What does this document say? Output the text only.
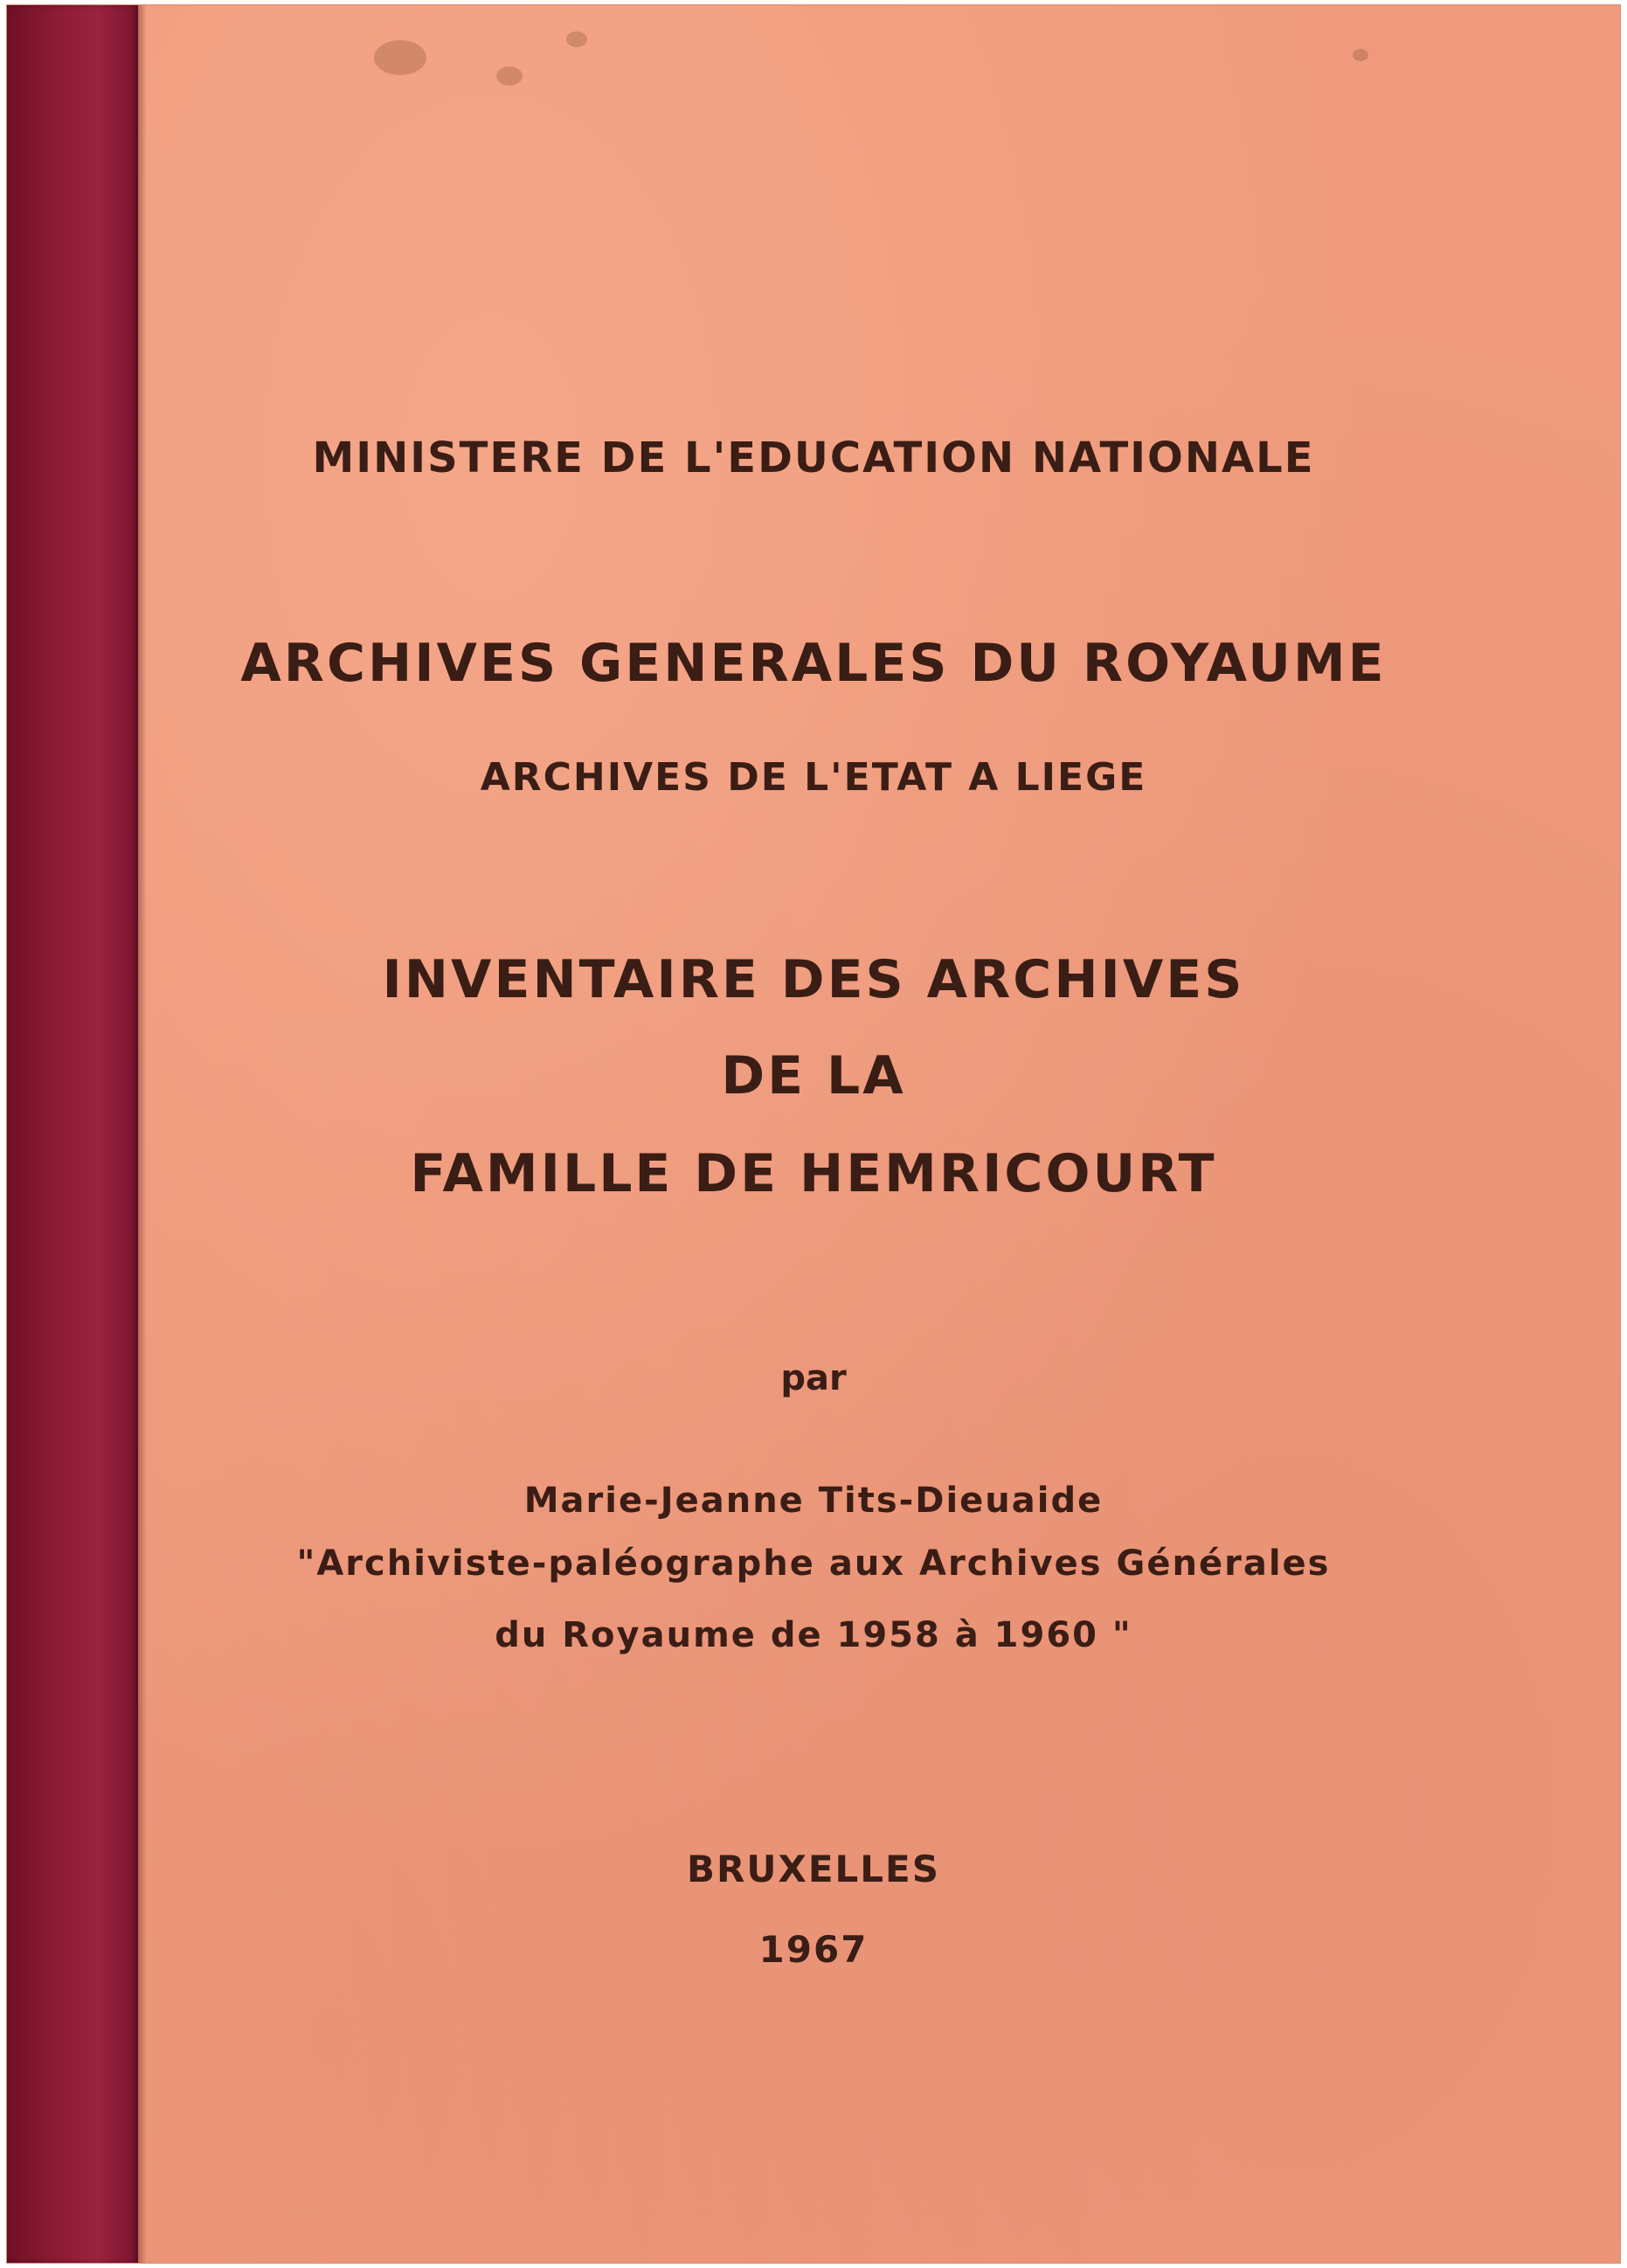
MINISTERE DE L'EDUCATION NATIONALE
ARCHIVES GENERALES DU ROYAUME
ARCHIVES DE L'ETAT A LIEGE
INVENTAIRE DES ARCHIVES
DE LA
FAMILLE DE HEMRICOURT
par
Marie-Jeanne Tits-Dieuaide
"Archiviste-paléographe aux Archives Générales
du Royaume de 1958 à 1960 "
BRUXELLES
1967
